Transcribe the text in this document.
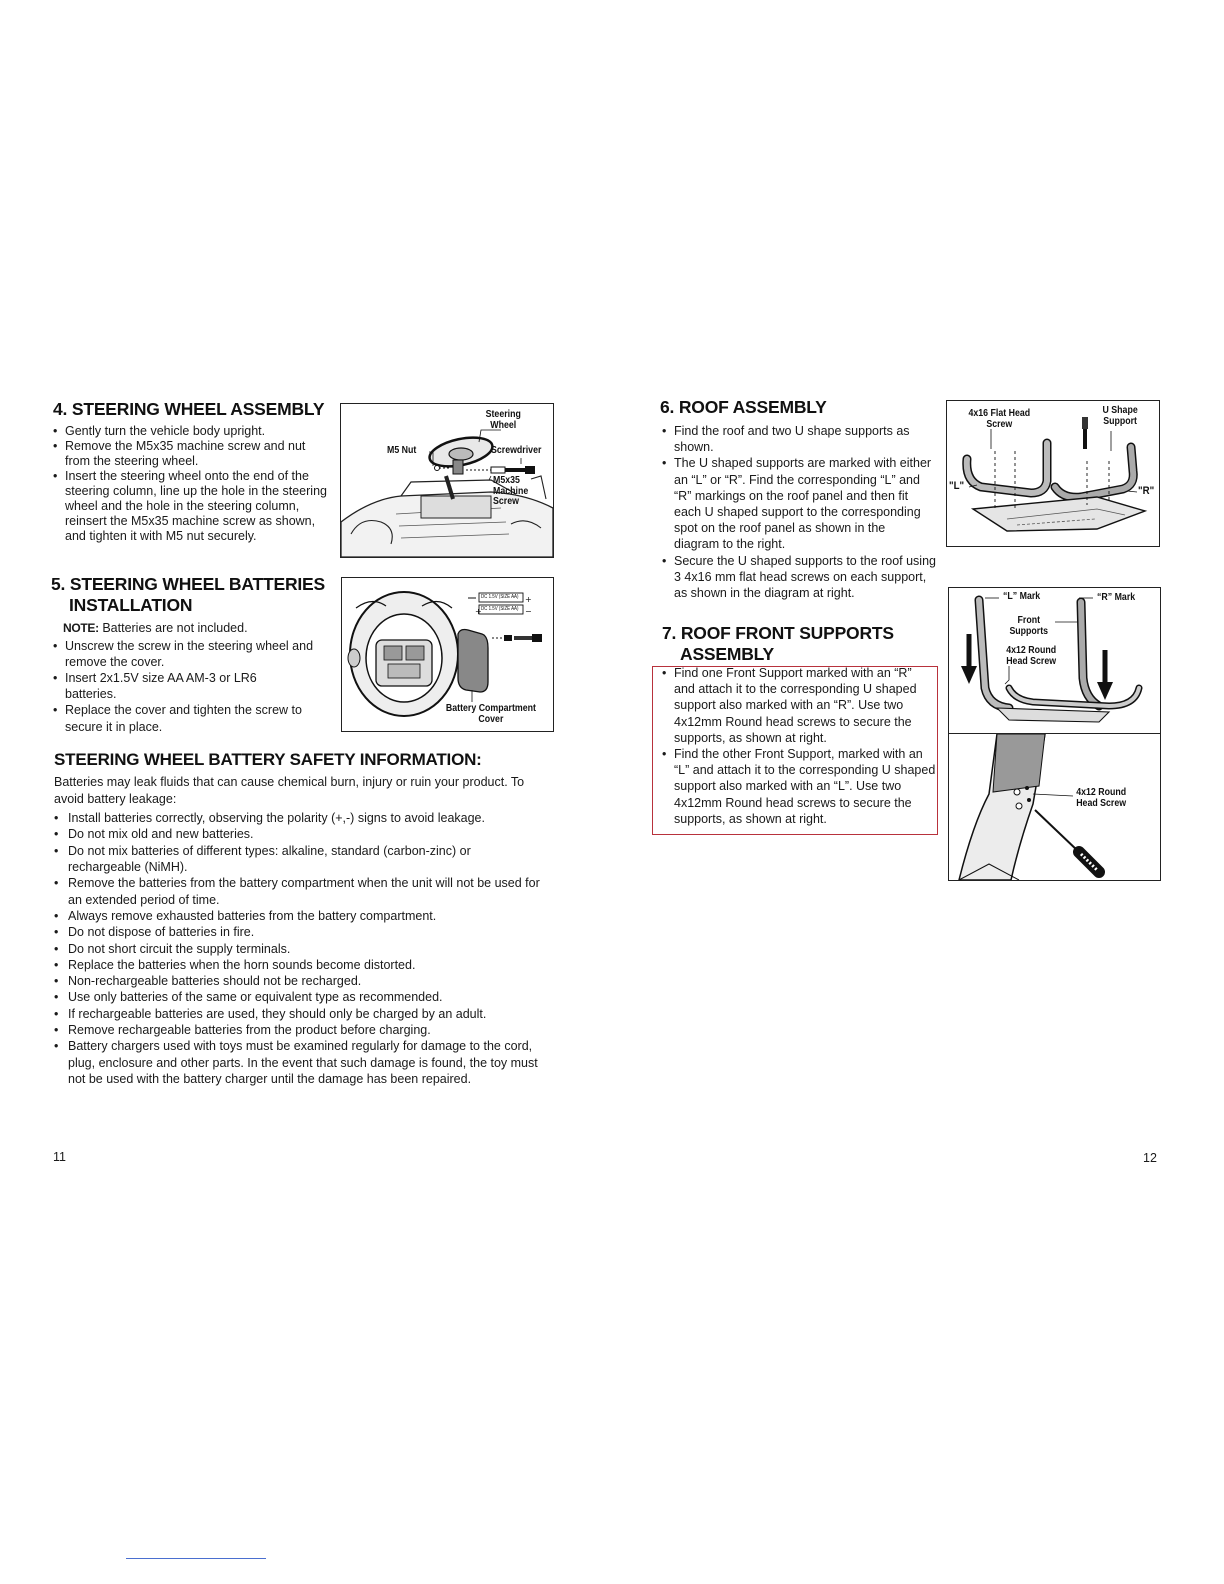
4. STEERING WHEEL ASSEMBLY
• Gently turn the vehicle body upright.
• Remove the M5x35 machine screw and nut from the steering wheel.
• Insert the steering wheel onto the end of the steering column, line up the hole in the steering wheel and the hole in the steering column, reinsert the M5x35 machine screw as shown, and tighten it with M5 nut securely.
Steering Wheel
M5 Nut	Screwdriver
M5x35 Machine Screw
5. STEERING WHEEL BATTERIES
INSTALLATION

NOTE: Batteries are not included.

• Unscrew the screw in the steering wheel and remove the cover.
• Insert 2x1.5V size AA AM-3 or LR6 batteries.
• Replace the cover and tighten the screw to secure it in place.
+
+
−
DC 1.5V (SIZE AA)
DC 1.5V (SIZE AA)
Battery Compartment Cover
STEERING WHEEL BATTERY SAFETY INFORMATION:

Batteries may leak fluids that can cause chemical burn, injury or ruin your product. To avoid battery leakage:

• Install batteries correctly, observing the polarity (+,-) signs to avoid leakage.
• Do not mix old and new batteries.
• Do not mix batteries of different types: alkaline, standard (carbon-zinc) or rechargeable (NiMH).
• Remove the batteries from the battery compartment when the unit will not be used for an extended period of time.
• Always remove exhausted batteries from the battery compartment.
• Do not dispose of batteries in fire.
• Do not short circuit the supply terminals.
• Replace the batteries when the horn sounds become distorted.
• Non-rechargeable batteries should not be recharged.
• Use only batteries of the same or equivalent type as recommended.
• If rechargeable batteries are used, they should only be charged by an adult.
• Remove rechargeable batteries from the product before charging.
• Battery chargers used with toys must be examined regularly for damage to the cord, plug, enclosure and other parts. In the event that such damage is found, the toy must not be used with the battery charger until the damage has been repaired.
11
6. ROOF ASSEMBLY
• Find the roof and two U shape supports as shown.
• The U shaped supports are marked with either an “L” or “R”. Find the corresponding “L” and “R” markings on the roof panel and then fit each U shaped support to the corresponding spot on the roof panel as shown in the diagram to the right.
• Secure the U shaped supports to the roof using 3 4x16 mm flat head screws on each support, as shown in the diagram at right.
4x16 Flat Head Screw
U Shape Support
"L"	"R"
7. ROOF FRONT SUPPORTS
ASSEMBLY
• Find one Front Support marked with an “R” and attach it to the corresponding U shaped support also marked with an “R”. Use two 4x12mm Round head screws to secure the supports, as shown at right.
• Find the other Front Support, marked with an “L” and attach it to the corresponding U shaped support also marked with an “L”. Use two 4x12mm Round head screws to secure the supports, as shown at right.
“L” Mark	“R” Mark
Front Supports
4x12 Round Head Screw
4x12 Round Head Screw
12
